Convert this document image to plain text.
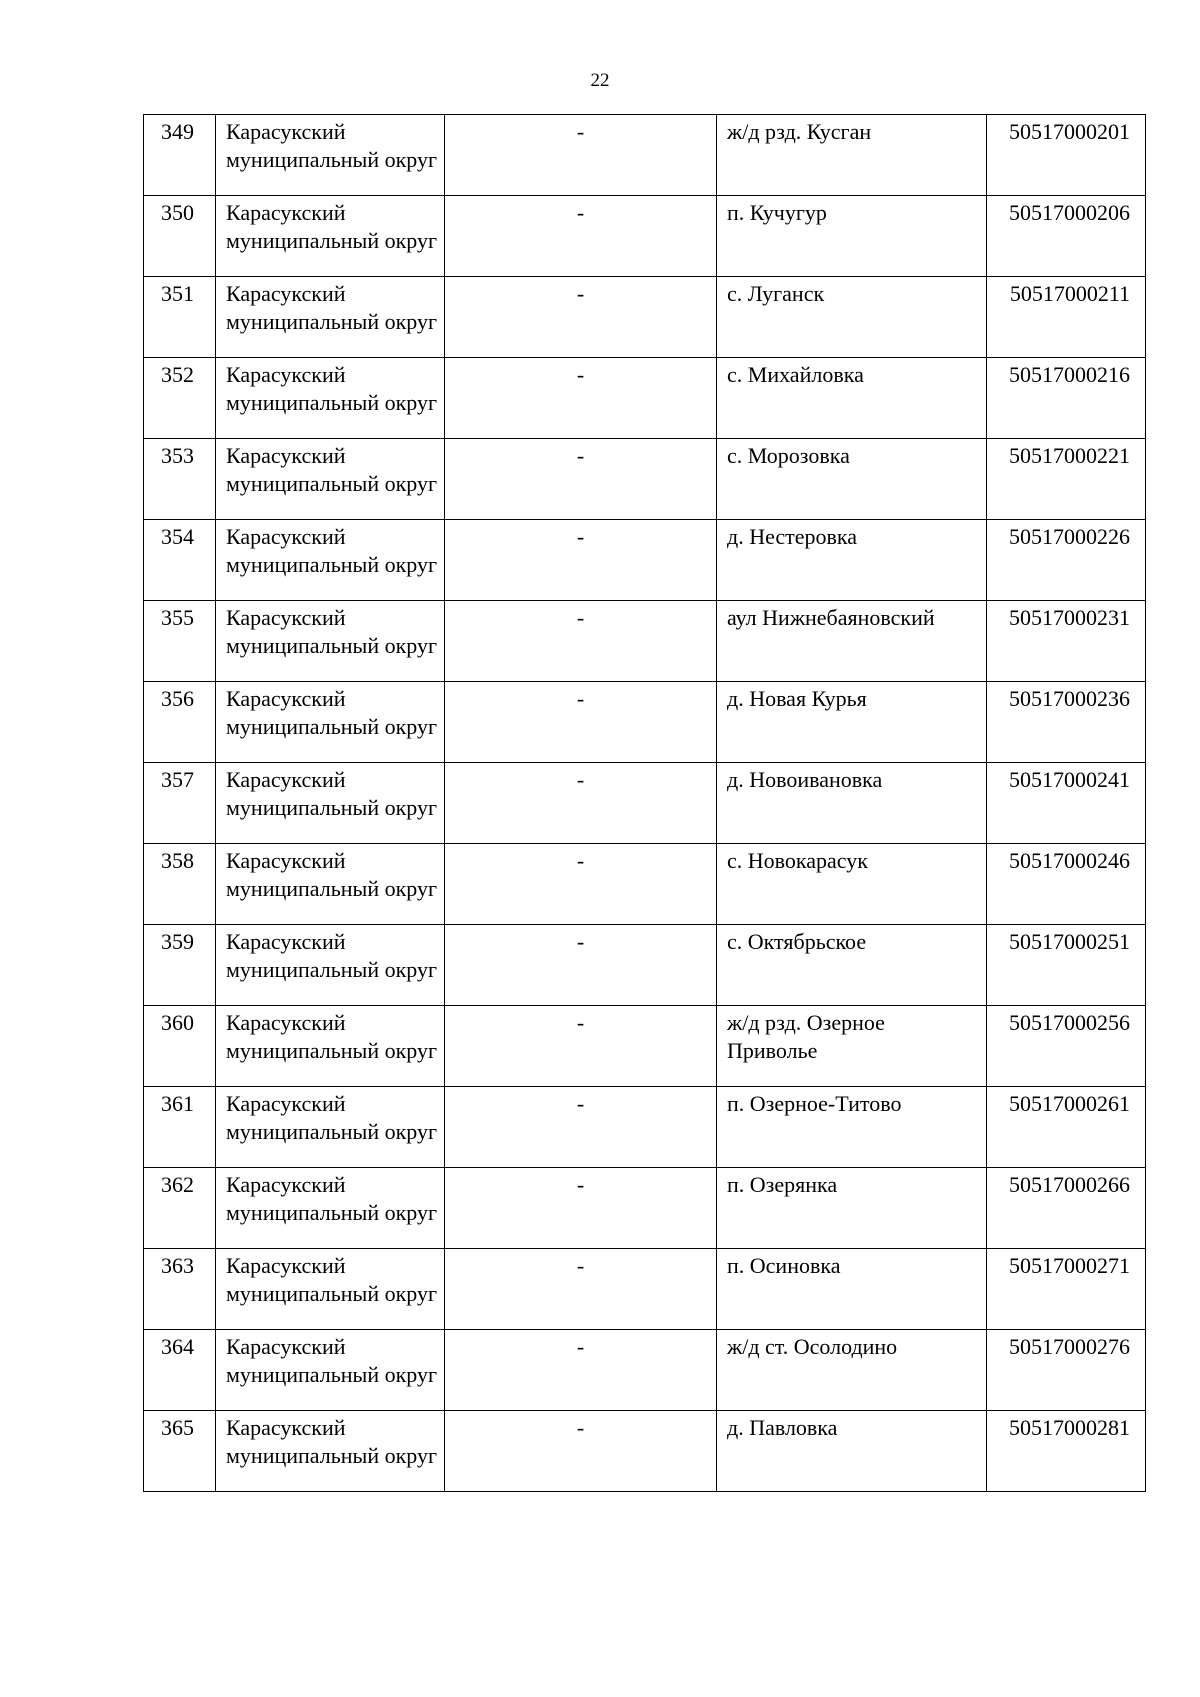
22
349	Карасукский муниципальный округ	-	ж/д рзд. Кусган	50517000201
350	Карасукский муниципальный округ	-	п. Кучугур	50517000206
351	Карасукский муниципальный округ	-	с. Луганск	50517000211
352	Карасукский муниципальный округ	-	с. Михайловка	50517000216
353	Карасукский муниципальный округ	-	с. Морозовка	50517000221
354	Карасукский муниципальный округ	-	д. Нестеровка	50517000226
355	Карасукский муниципальный округ	-	аул Нижнебаяновский	50517000231
356	Карасукский муниципальный округ	-	д. Новая Курья	50517000236
357	Карасукский муниципальный округ	-	д. Новоивановка	50517000241
358	Карасукский муниципальный округ	-	с. Новокарасук	50517000246
359	Карасукский муниципальный округ	-	с. Октябрьское	50517000251
360	Карасукский муниципальный округ	-	ж/д рзд. Озерное Приволье	50517000256
361	Карасукский муниципальный округ	-	п. Озерное-Титово	50517000261
362	Карасукский муниципальный округ	-	п. Озерянка	50517000266
363	Карасукский муниципальный округ	-	п. Осиновка	50517000271
364	Карасукский муниципальный округ	-	ж/д ст. Осолодино	50517000276
365	Карасукский муниципальный округ	-	д. Павловка	50517000281
